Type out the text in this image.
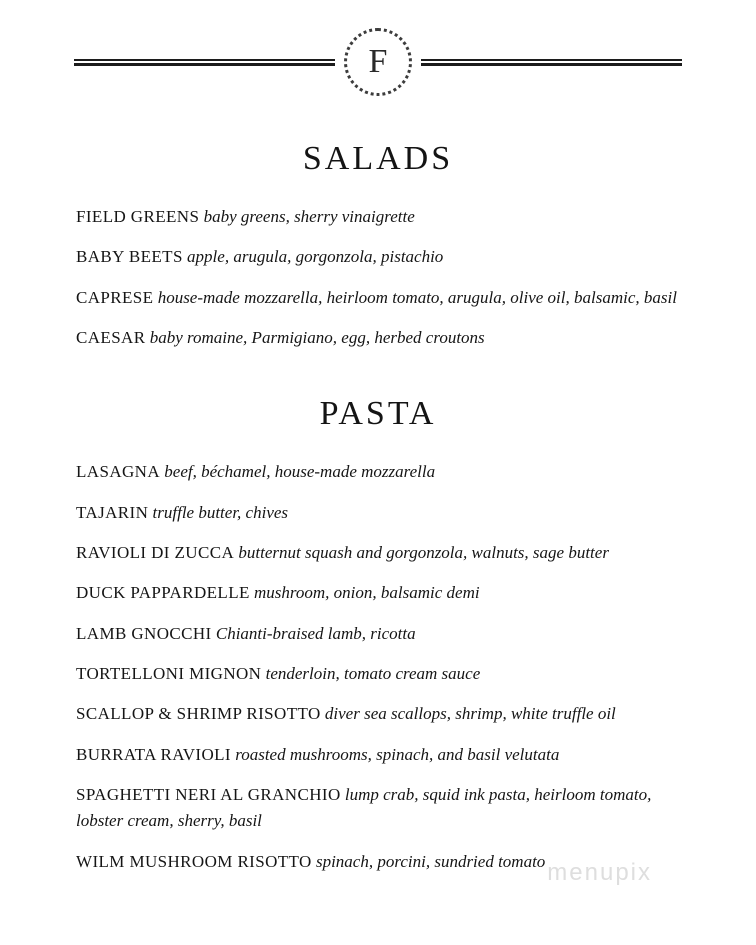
F
SALADS

FIELD GREENS baby greens, sherry vinaigrette

BABY BEETS apple, arugula, gorgonzola, pistachio

CAPRESE house-made mozzarella, heirloom tomato, arugula, olive oil, balsamic, basil

CAESAR baby romaine, Parmigiano, egg, herbed croutons

PASTA

LASAGNA beef, béchamel, house-made mozzarella

TAJARIN truffle butter, chives

RAVIOLI DI ZUCCA butternut squash and gorgonzola, walnuts, sage butter

DUCK PAPPARDELLE mushroom, onion, balsamic demi

LAMB GNOCCHI Chianti-braised lamb, ricotta

TORTELLONI MIGNON tenderloin, tomato cream sauce

SCALLOP & SHRIMP RISOTTO diver sea scallops, shrimp, white truffle oil

BURRATA RAVIOLI roasted mushrooms, spinach, and basil velutata

SPAGHETTI NERI AL GRANCHIO lump crab, squid ink pasta, heirloom tomato, lobster cream, sherry, basil

WILM MUSHROOM RISOTTO spinach, porcini, sundried tomato menupix
